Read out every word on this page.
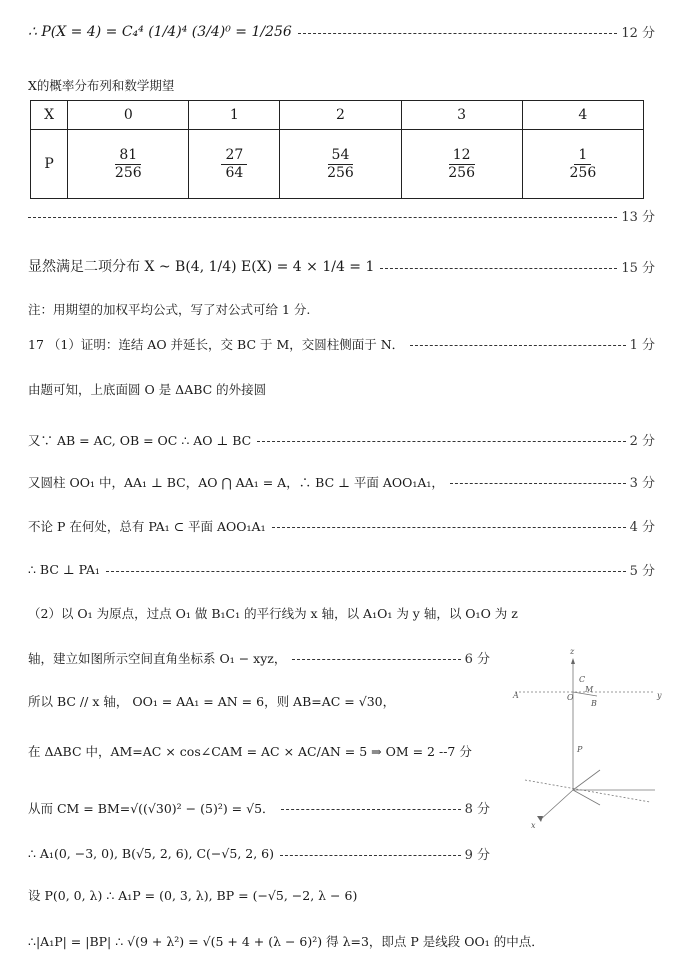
∴ P(X = 4) = C₄⁴ (1/4)⁴ (3/4)⁰ = 1/256	12 分
X的概率分布列和数学期望
X	0	1	2	3	4
P	$\frac{81}{256}$	$\frac{27}{64}$	$\frac{54}{256}$	$\frac{12}{256}$	$\frac{1}{256}$
13 分
显然满足二项分布 X ~ B(4, 1/4) E(X) = 4 × 1/4 = 1	15 分
注：用期望的加权平均公式，写了对公式可给 1 分.
17 （1）证明：连结 AO 并延长，交 BC 于 M，交圆柱侧面于 N．	1 分
由题可知，上底面圆 O 是 ΔABC 的外接圆
又∵ AB = AC, OB = OC ∴ AO ⊥ BC	2 分
又圆柱 OO₁ 中，AA₁ ⊥ BC，AO ⋂ AA₁ = A，∴ BC ⊥ 平面 AOO₁A₁，	3 分
不论 P 在何处，总有 PA₁ ⊂ 平面 AOO₁A₁	4 分
∴ BC ⊥ PA₁	5 分
（2）以 O₁ 为原点，过点 O₁ 做 B₁C₁ 的平行线为 x 轴，以 A₁O₁ 为 y 轴，以 O₁O 为 z
轴，建立如图所示空间直角坐标系 O₁ − xyz，	6 分
所以 BC // x 轴， OO₁ = AA₁ = AN = 6，则 AB=AC = √30，
在 ΔABC 中，AM=AC × cos∠CAM = AC × AC/AN = 5 ⇒ OM = 2 --7 分
从而 CM = BM=√((√30)² − (5)²) = √5．	8 分
∴ A₁(0, −3, 0), B(√5, 2, 6), C(−√5, 2, 6)	9 分
设 P(0, 0, λ) ∴ A₁P = (0, 3, λ), BP = (−√5, −2, λ − 6)
∴|A₁P| = |BP| ∴ √(9 + λ²) = √(5 + 4 + (λ − 6)²) 得 λ=3，即点 P 是线段 OO₁ 的中点．
z
C
O
M
B
y
A
P
x
